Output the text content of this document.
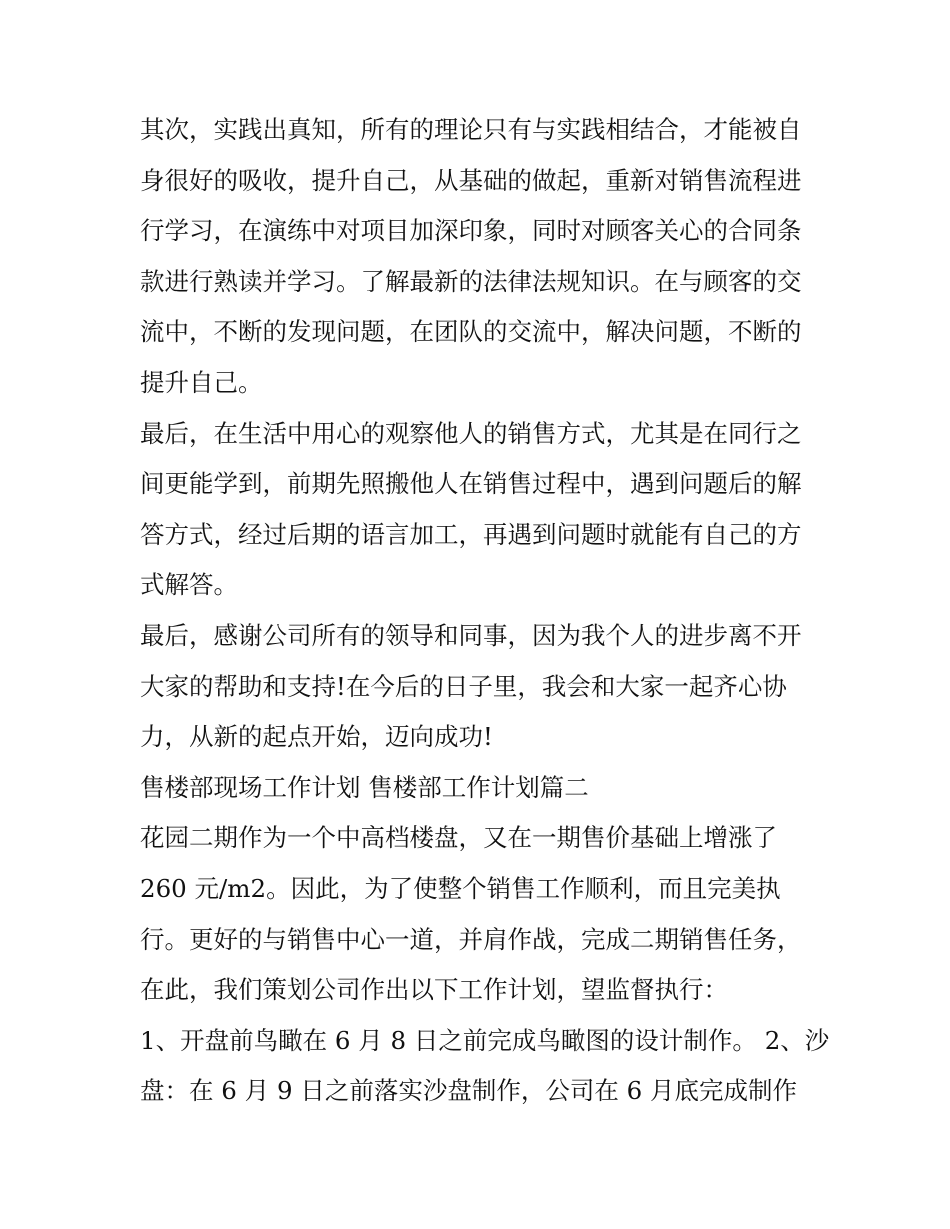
其次，实践出真知，所有的理论只有与实践相结合，才能被自
身很好的吸收，提升自己，从基础的做起，重新对销售流程进
行学习，在演练中对项目加深印象，同时对顾客关心的合同条
款进行熟读并学习。了解最新的法律法规知识。在与顾客的交
流中，不断的发现问题，在团队的交流中，解决问题，不断的
提升自己。
最后，在生活中用心的观察他人的销售方式，尤其是在同行之
间更能学到，前期先照搬他人在销售过程中，遇到问题后的解
答方式，经过后期的语言加工，再遇到问题时就能有自己的方
式解答。
最后，感谢公司所有的领导和同事，因为我个人的进步离不开
大家的帮助和支持!在今后的日子里，我会和大家一起齐心协
力，从新的起点开始，迈向成功!
售楼部现场工作计划 售楼部工作计划篇二
花园二期作为一个中高档楼盘，又在一期售价基础上增涨了
260 元/m2。因此，为了使整个销售工作顺利，而且完美执
行。更好的与销售中心一道，并肩作战，完成二期销售任务，
在此，我们策划公司作出以下工作计划，望监督执行：
1、开盘前鸟瞰在 6 月 8 日之前完成鸟瞰图的设计制作。 2、沙
盘：在 6 月 9 日之前落实沙盘制作，公司在 6 月底完成制作
